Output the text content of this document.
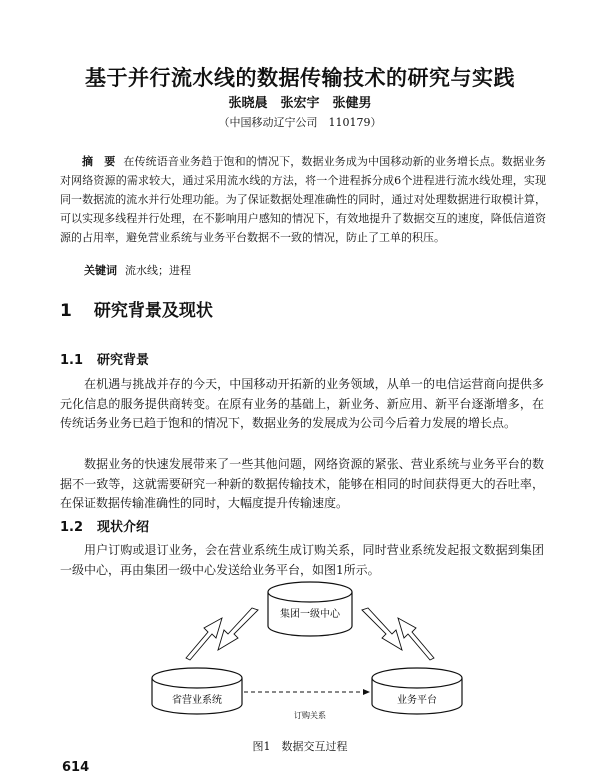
基于并行流水线的数据传输技术的研究与实践
张晓晨　张宏宇　张健男
（中国移动辽宁公司　110179）
摘　要 在传统语音业务趋于饱和的情况下，数据业务成为中国移动新的业务增长点。数据业务对网络资源的需求较大，通过采用流水线的方法，将一个进程拆分成6个进程进行流水线处理，实现同一数据流的流水并行处理功能。为了保证数据处理准确性的同时，通过对处理数据进行取模计算，可以实现多线程并行处理，在不影响用户感知的情况下，有效地提升了数据交互的速度，降低信道资源的占用率，避免营业系统与业务平台数据不一致的情况，防止了工单的积压。
关键词 流水线；进程
1 研究背景及现状
1.1 研究背景
在机遇与挑战并存的今天，中国移动开拓新的业务领域，从单一的电信运营商向提供多元化信息的服务提供商转变。在原有业务的基础上，新业务、新应用、新平台逐渐增多，在传统话务业务已趋于饱和的情况下，数据业务的发展成为公司今后着力发展的增长点。
数据业务的快速发展带来了一些其他问题，网络资源的紧张、营业系统与业务平台的数据不一致等，这就需要研究一种新的数据传输技术，能够在相同的时间获得更大的吞吐率，在保证数据传输准确性的同时，大幅度提升传输速度。
1.2 现状介绍
用户订购或退订业务，会在营业系统生成订购关系，同时营业系统发起报文数据到集团一级中心，再由集团一级中心发送给业务平台，如图1所示。
集团一级中心
省营业系统	业务平台
订购关系
图1　数据交互过程
614
